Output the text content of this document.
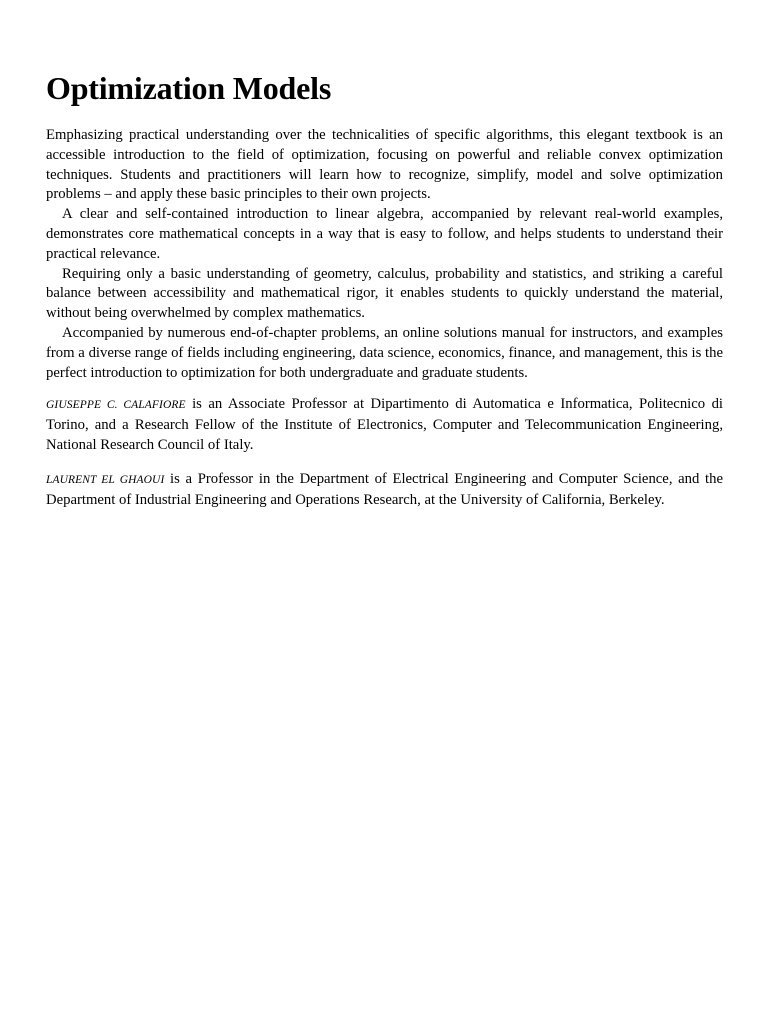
Optimization Models

Emphasizing practical understanding over the technicalities of specific algorithms, this elegant textbook is an accessible introduction to the field of optimization, focusing on powerful and reliable convex optimization techniques. Students and practitioners will learn how to recognize, simplify, model and solve optimization problems – and apply these basic principles to their own projects.

A clear and self-contained introduction to linear algebra, accompanied by relevant real-world examples, demonstrates core mathematical concepts in a way that is easy to follow, and helps students to understand their practical relevance.

Requiring only a basic understanding of geometry, calculus, probability and statistics, and striking a careful balance between accessibility and mathematical rigor, it enables students to quickly understand the material, without being overwhelmed by complex mathematics.

Accompanied by numerous end-of-chapter problems, an online solutions manual for instructors, and examples from a diverse range of fields including engineering, data science, economics, finance, and management, this is the perfect introduction to optimization for both undergraduate and graduate students.

GIUSEPPE C. CALAFIORE is an Associate Professor at Dipartimento di Automatica e Informatica, Politecnico di Torino, and a Research Fellow of the Institute of Electronics, Computer and Telecommunication Engineering, National Research Council of Italy.

LAURENT EL GHAOUI is a Professor in the Department of Electrical Engineering and Computer Science, and the Department of Industrial Engineering and Operations Research, at the University of California, Berkeley.
